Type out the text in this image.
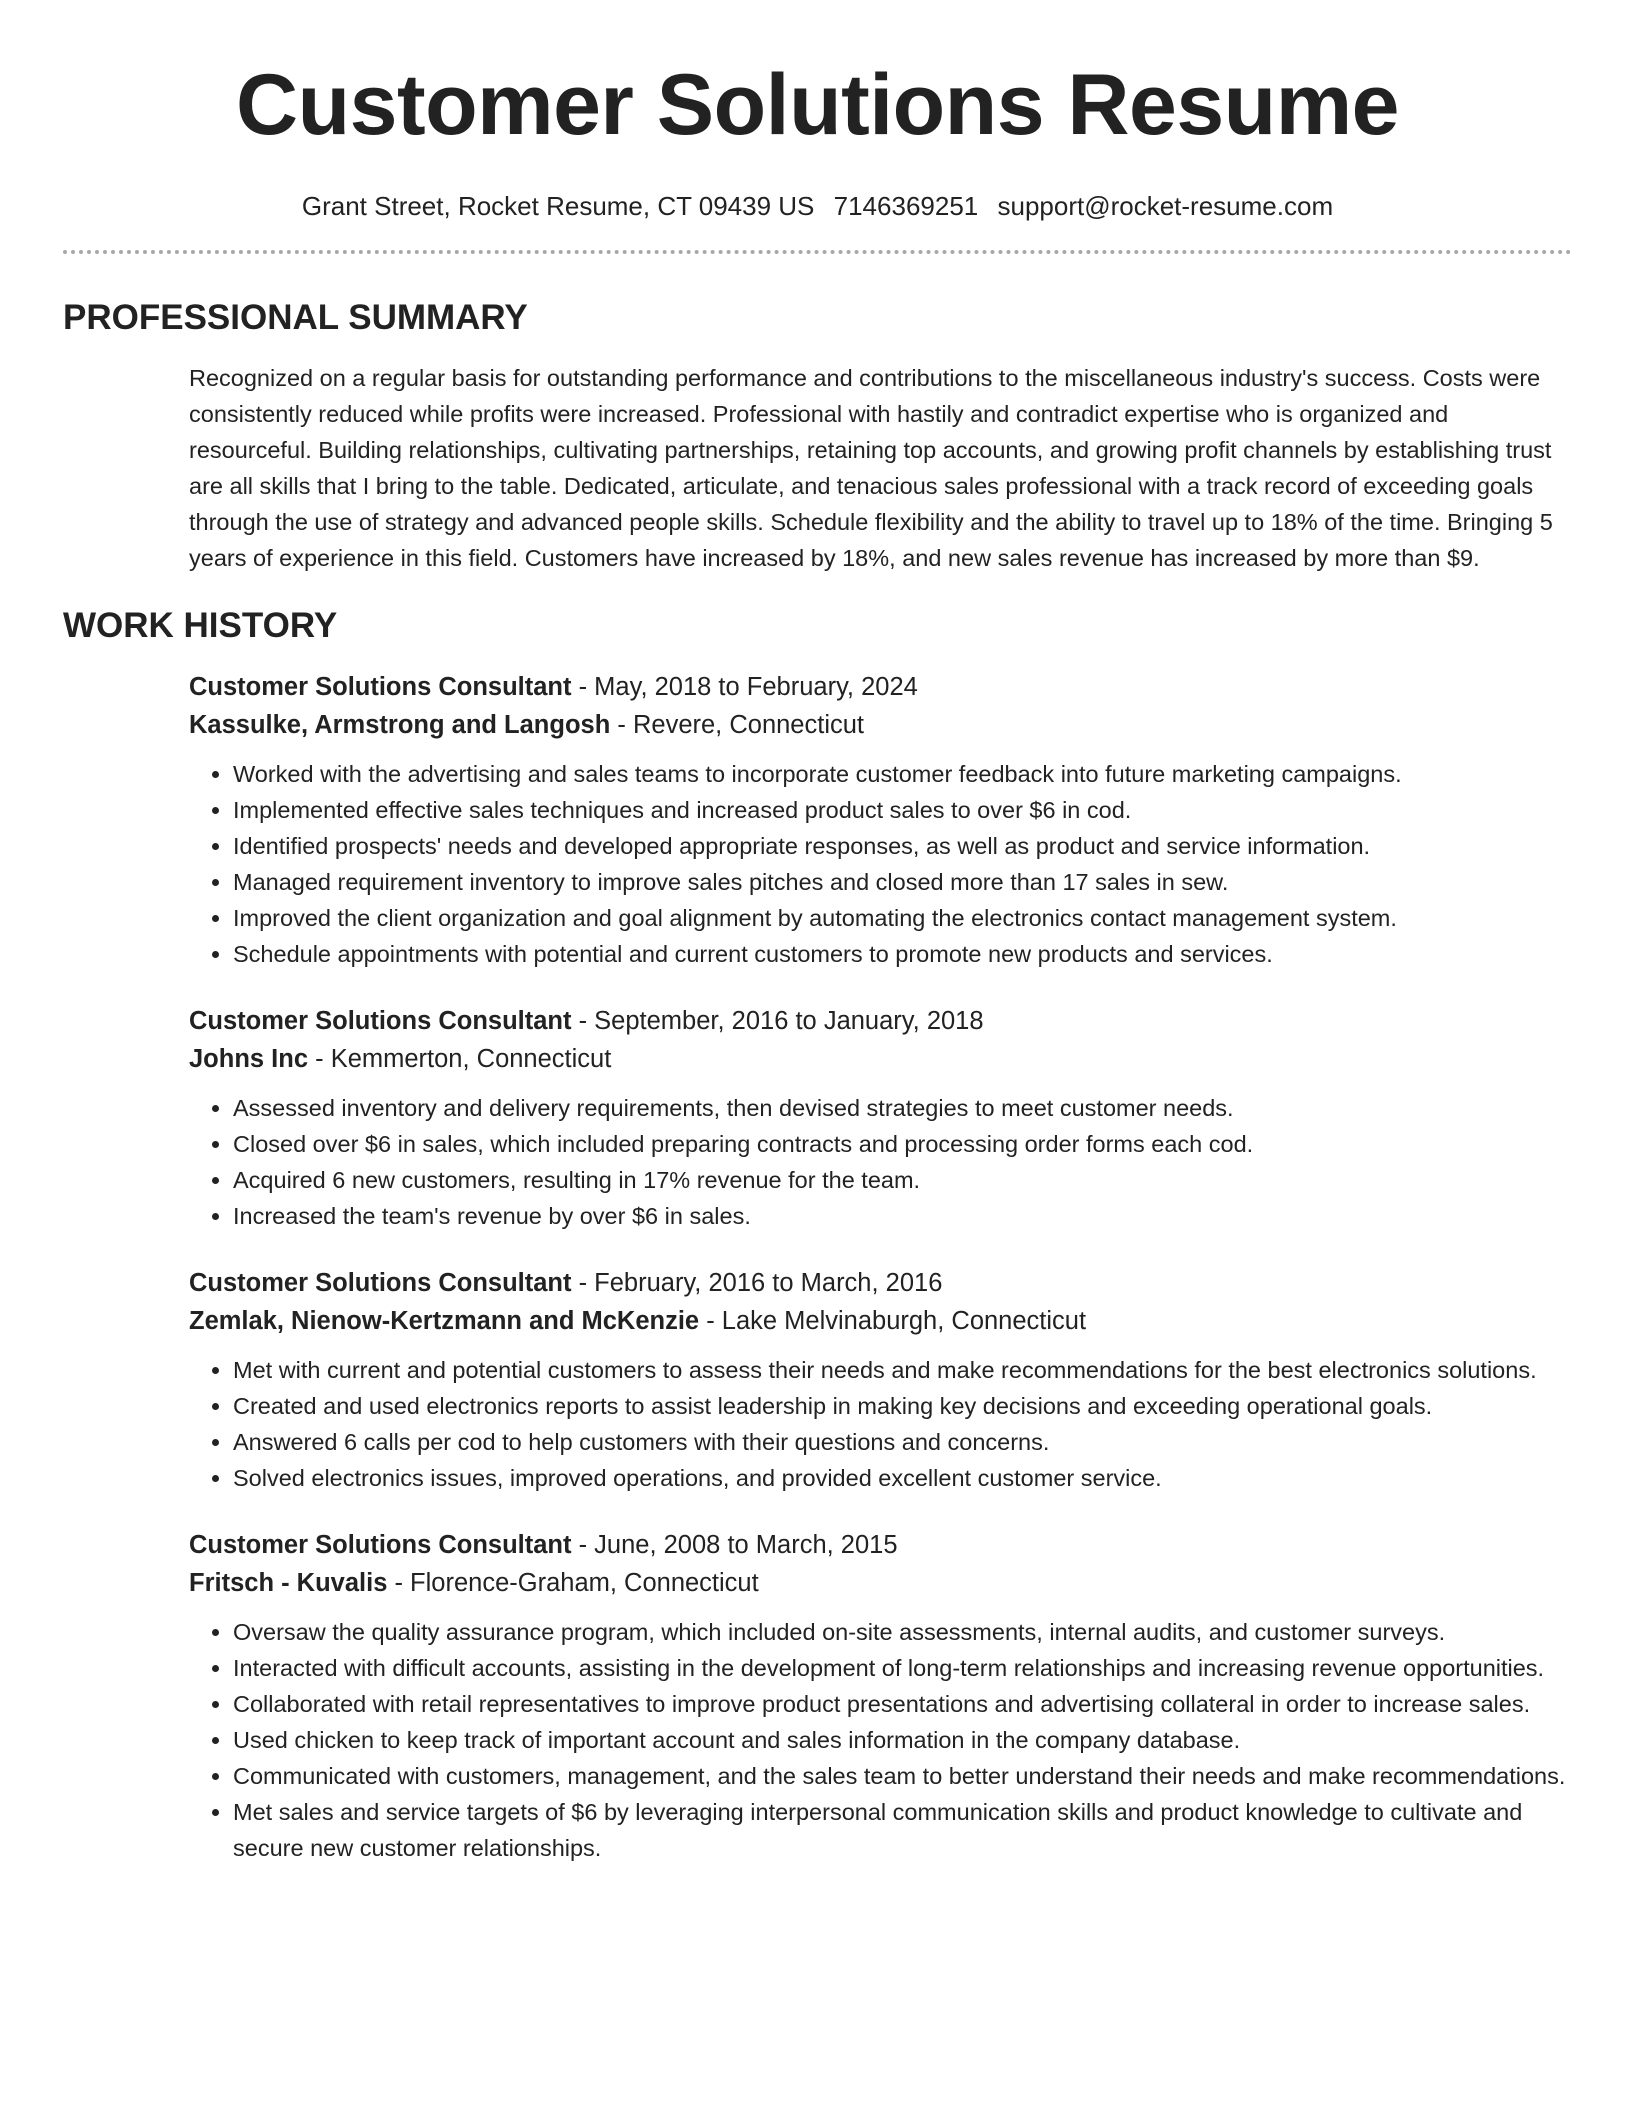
Customer Solutions Resume
Grant Street, Rocket Resume, CT 09439 US 7146369251 support@rocket-resume.com
PROFESSIONAL SUMMARY
Recognized on a regular basis for outstanding performance and contributions to the miscellaneous industry's success. Costs were consistently reduced while profits were increased. Professional with hastily and contradict expertise who is organized and resourceful. Building relationships, cultivating partnerships, retaining top accounts, and growing profit channels by establishing trust are all skills that I bring to the table. Dedicated, articulate, and tenacious sales professional with a track record of exceeding goals through the use of strategy and advanced people skills. Schedule flexibility and the ability to travel up to 18% of the time. Bringing 5 years of experience in this field. Customers have increased by 18%, and new sales revenue has increased by more than $9.
WORK HISTORY
Customer Solutions Consultant - May, 2018 to February, 2024
Kassulke, Armstrong and Langosh - Revere, Connecticut
• Worked with the advertising and sales teams to incorporate customer feedback into future marketing campaigns.
• Implemented effective sales techniques and increased product sales to over $6 in cod.
• Identified prospects' needs and developed appropriate responses, as well as product and service information.
• Managed requirement inventory to improve sales pitches and closed more than 17 sales in sew.
• Improved the client organization and goal alignment by automating the electronics contact management system.
• Schedule appointments with potential and current customers to promote new products and services.
Customer Solutions Consultant - September, 2016 to January, 2018
Johns Inc - Kemmerton, Connecticut
• Assessed inventory and delivery requirements, then devised strategies to meet customer needs.
• Closed over $6 in sales, which included preparing contracts and processing order forms each cod.
• Acquired 6 new customers, resulting in 17% revenue for the team.
• Increased the team's revenue by over $6 in sales.
Customer Solutions Consultant - February, 2016 to March, 2016
Zemlak, Nienow-Kertzmann and McKenzie - Lake Melvinaburgh, Connecticut
• Met with current and potential customers to assess their needs and make recommendations for the best electronics solutions.
• Created and used electronics reports to assist leadership in making key decisions and exceeding operational goals.
• Answered 6 calls per cod to help customers with their questions and concerns.
• Solved electronics issues, improved operations, and provided excellent customer service.
Customer Solutions Consultant - June, 2008 to March, 2015
Fritsch - Kuvalis - Florence-Graham, Connecticut
• Oversaw the quality assurance program, which included on-site assessments, internal audits, and customer surveys.
• Interacted with difficult accounts, assisting in the development of long-term relationships and increasing revenue opportunities.
• Collaborated with retail representatives to improve product presentations and advertising collateral in order to increase sales.
• Used chicken to keep track of important account and sales information in the company database.
• Communicated with customers, management, and the sales team to better understand their needs and make recommendations.
• Met sales and service targets of $6 by leveraging interpersonal communication skills and product knowledge to cultivate and secure new customer relationships.
